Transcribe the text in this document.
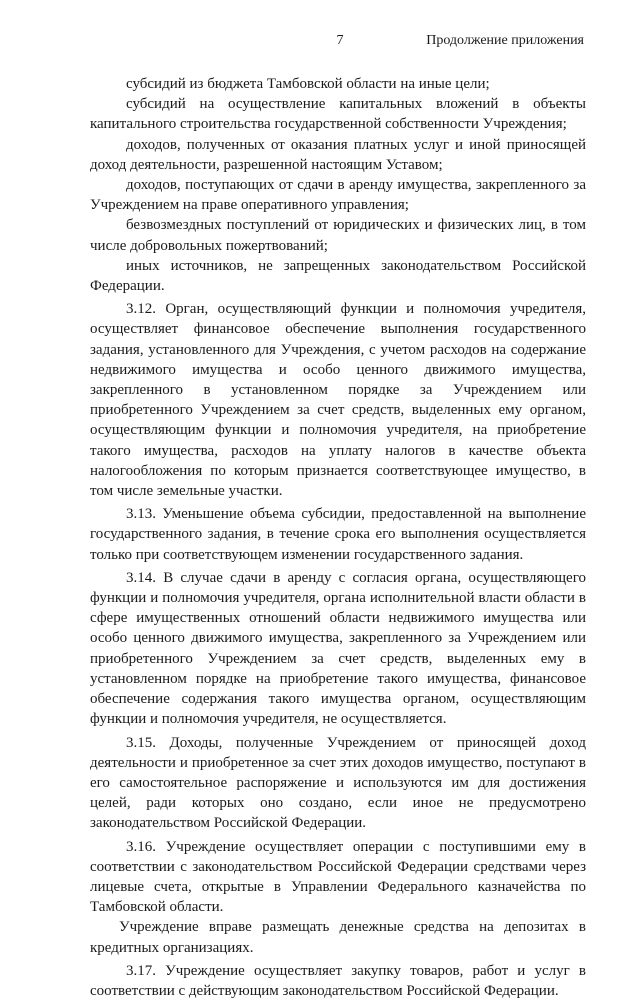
7	Продолжение приложения

субсидий из бюджета Тамбовской области на иные цели;

субсидий на осуществление капитальных вложений в объекты капитального строительства государственной собственности Учреждения;

доходов, полученных от оказания платных услуг и иной приносящей доход деятельности, разрешенной настоящим Уставом;

доходов, поступающих от сдачи в аренду имущества, закрепленного за Учреждением на праве оперативного управления;

безвозмездных поступлений от юридических и физических лиц, в том числе добровольных пожертвований;

иных источников, не запрещенных законодательством Российской Федерации.

3.12. Орган, осуществляющий функции и полномочия учредителя, осуществляет финансовое обеспечение выполнения государственного задания, установленного для Учреждения, с учетом расходов на содержание недвижимого имущества и особо ценного движимого имущества, закрепленного в установленном порядке за Учреждением или приобретенного Учреждением за счет средств, выделенных ему органом, осуществляющим функции и полномочия учредителя, на приобретение такого имущества, расходов на уплату налогов в качестве объекта налогообложения по которым признается соответствующее имущество, в том числе земельные участки.

3.13. Уменьшение объема субсидии, предоставленной на выполнение государственного задания, в течение срока его выполнения осуществляется только при соответствующем изменении государственного задания.

3.14. В случае сдачи в аренду с согласия органа, осуществляющего функции и полномочия учредителя, органа исполнительной власти области в сфере имущественных отношений области недвижимого имущества или особо ценного движимого имущества, закрепленного за Учреждением или приобретенного Учреждением за счет средств, выделенных ему в установленном порядке на приобретение такого имущества, финансовое обеспечение содержания такого имущества органом, осуществляющим функции и полномочия учредителя, не осуществляется.

3.15. Доходы, полученные Учреждением от приносящей доход деятельности и приобретенное за счет этих доходов имущество, поступают в его самостоятельное распоряжение и используются им для достижения целей, ради которых оно создано, если иное не предусмотрено законодательством Российской Федерации.

3.16. Учреждение осуществляет операции с поступившими ему в соответствии с законодательством Российской Федерации средствами через лицевые счета, открытые в Управлении Федерального казначейства по Тамбовской области.

Учреждение вправе размещать денежные средства на депозитах в кредитных организациях.

3.17. Учреждение осуществляет закупку товаров, работ и услуг в соответствии с действующим законодательством Российской Федерации.
